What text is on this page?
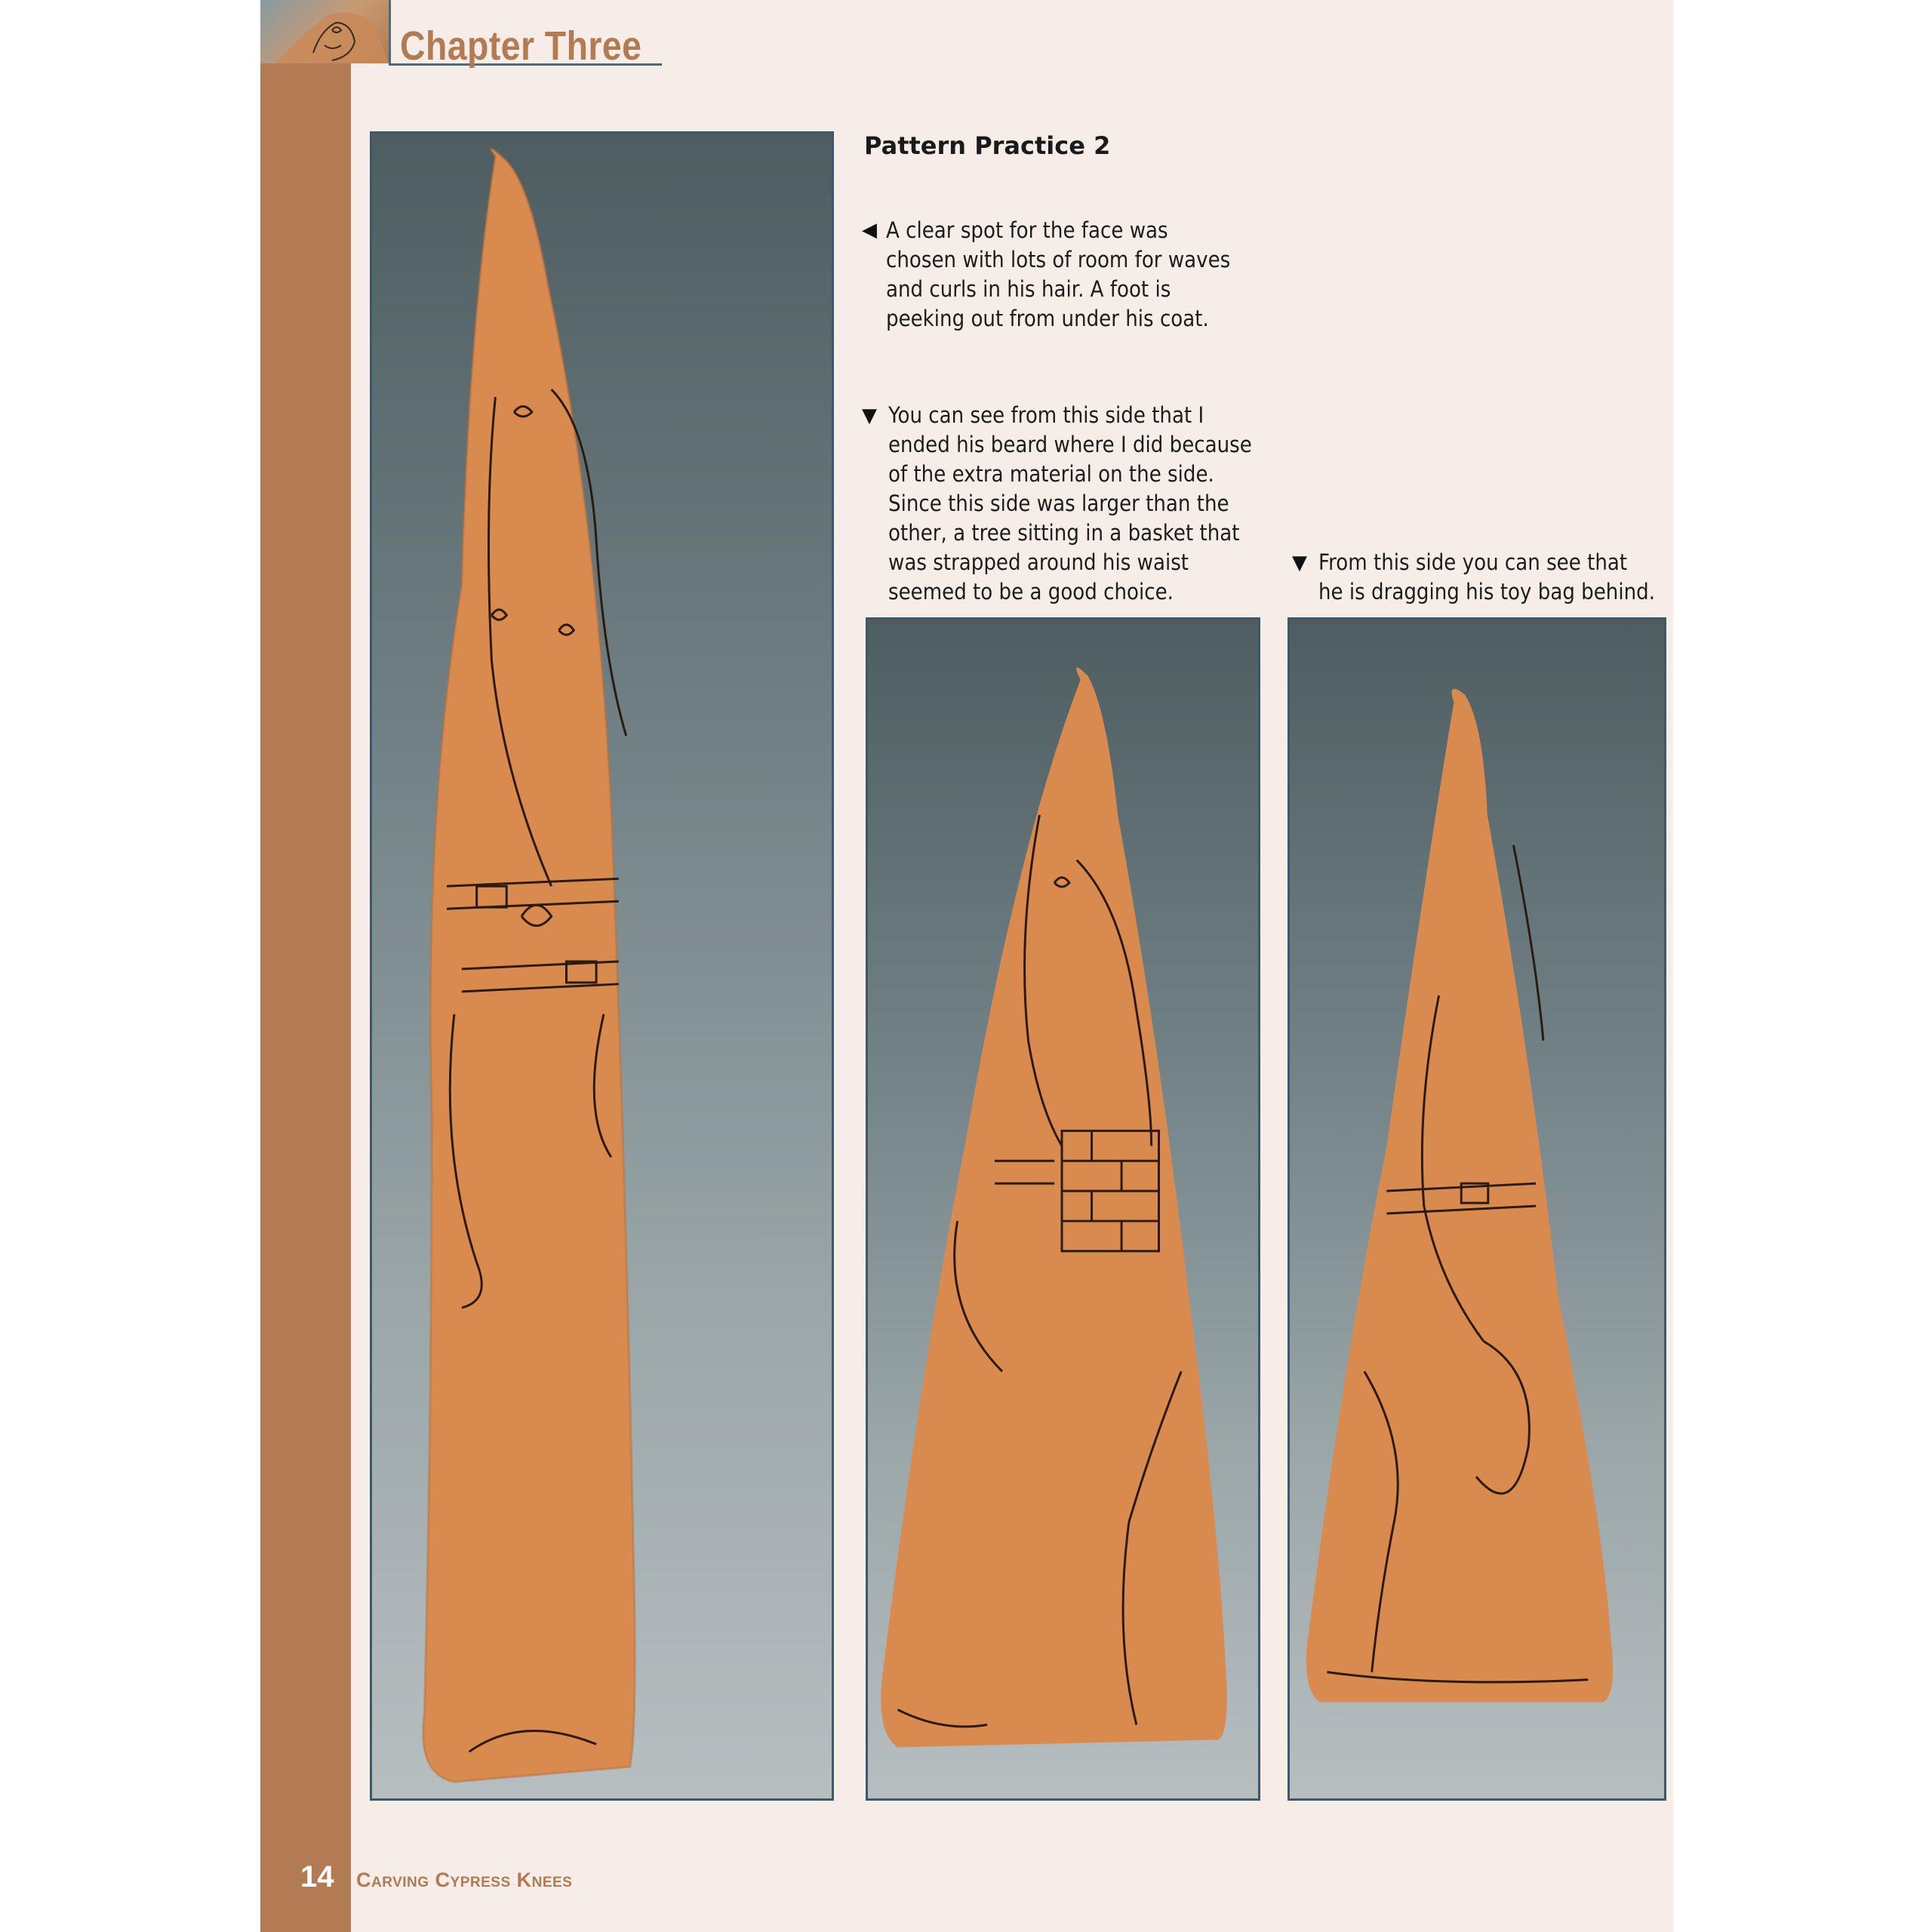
Chapter Three
Pattern Practice 2
◀ A clear spot for the face was
chosen with lots of room for waves
and curls in his hair. A foot is
peeking out from under his coat.
▼ You can see from this side that I
ended his beard where I did because
of the extra material on the side.
Since this side was larger than the
other, a tree sitting in a basket that
was strapped around his waist
seemed to be a good choice.
▼ From this side you can see that
he is dragging his toy bag behind.
14 Carving Cypress Knees
